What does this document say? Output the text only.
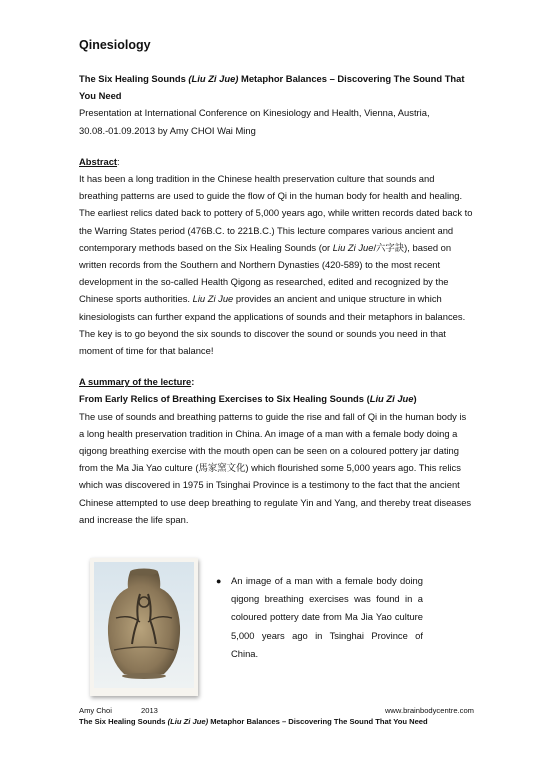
Qinesiology

The Six Healing Sounds (Liu Zi Jue) Metaphor Balances – Discovering The Sound That You Need

Presentation at International Conference on Kinesiology and Health, Vienna, Austria, 30.08.-01.09.2013 by Amy CHOI Wai Ming

Abstract:

It has been a long tradition in the Chinese health preservation culture that sounds and breathing patterns are used to guide the flow of Qi in the human body for health and healing. The earliest relics dated back to pottery of 5,000 years ago, while written records dated back to the Warring States period (476B.C. to 221B.C.) This lecture compares various ancient and contemporary methods based on the Six Healing Sounds (or Liu Zi Jue/六字訣), based on written records from the Southern and Northern Dynasties (420-589) to the most recent development in the so-called Health Qigong as researched, edited and recognized by the Chinese sports authorities. Liu Zi Jue provides an ancient and unique structure in which kinesiologists can further expand the applications of sounds and their metaphors in balances. The key is to go beyond the six sounds to discover the sound or sounds you need in that moment of time for that balance!

A summary of the lecture:

From Early Relics of Breathing Exercises to Six Healing Sounds (Liu Zi Jue)

The use of sounds and breathing patterns to guide the rise and fall of Qi in the human body is a long health preservation tradition in China. An image of a man with a female body doing a qigong breathing exercise with the mouth open can be seen on a coloured pottery jar dating from the Ma Jia Yao culture (馬家窯文化) which flourished some 5,000 years ago. This relics which was discovered in 1975 in Tsinghai Province is a testimony to the fact that the ancient Chinese attempted to use deep breathing to regulate Yin and Yang, and thereby treat diseases and increase the life span.

● An image of a man with a female body doing qigong breathing exercises was found in a coloured pottery date from Ma Jia Yao culture 5,000 years ago in Tsinghai Province of China.
Amy Choi	2013	www.brainbodycentre.com
The Six Healing Sounds (Liu Zi Jue) Metaphor Balances – Discovering The Sound That You Need
